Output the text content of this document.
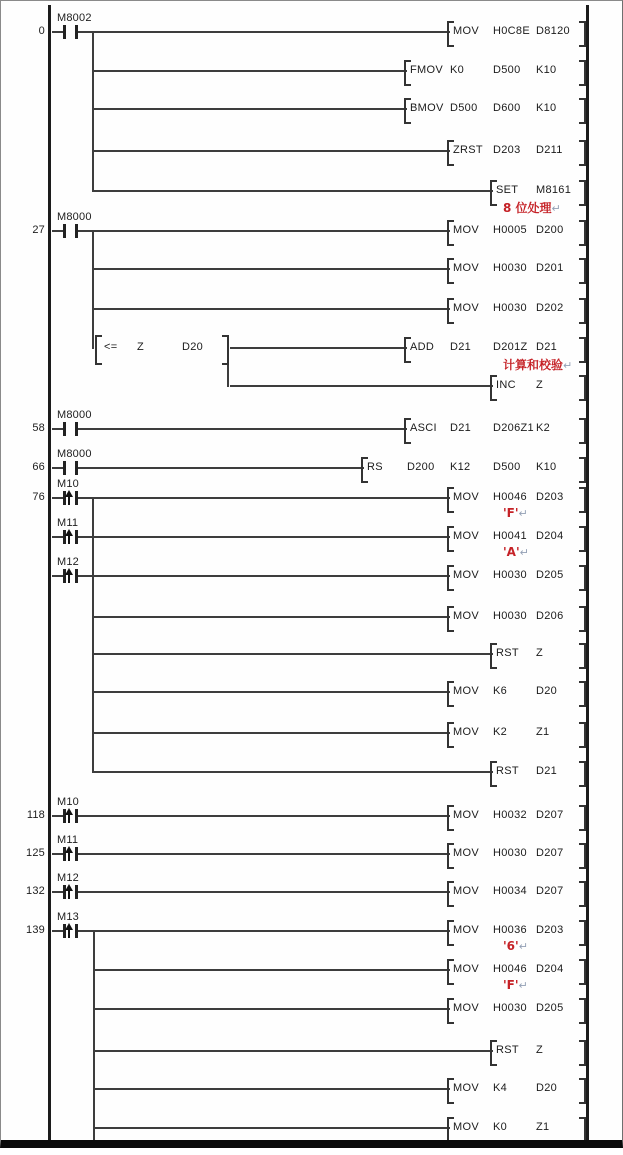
0
M8002
MOV H0C8E D8120
FMOV K0	D500 K10
BMOV D500 D600 K10
ZRST D203 D211
SET M8161
8 位处理↵
27
M8000
MOV H0005 D200
MOV H0030 D201
MOV H0030 D202
<= Z	D20	ADD D21 D201Z D21
计算和校验↵
INC Z
58
M8000
ASCI D21 D206Z1 K2
66
M8000
RS D200 K12 D500 K10
76
M10
M11
M12
MOV H0046 D203
'F'↵
MOV H0041 D204
'A'↵
MOV H0030 D205
MOV H0030 D206
RST Z
MOV K6	D20
MOV K2	Z1
RST D21
118
M10
MOV H0032 D207
125
M11
MOV H0030 D207
132
M12
MOV H0034 D207
139
M13
MOV H0036 D203
'6'↵
MOV H0046 D204
'F'↵
MOV H0030 D205
RST Z
MOV K4	D20
MOV K0	Z1
